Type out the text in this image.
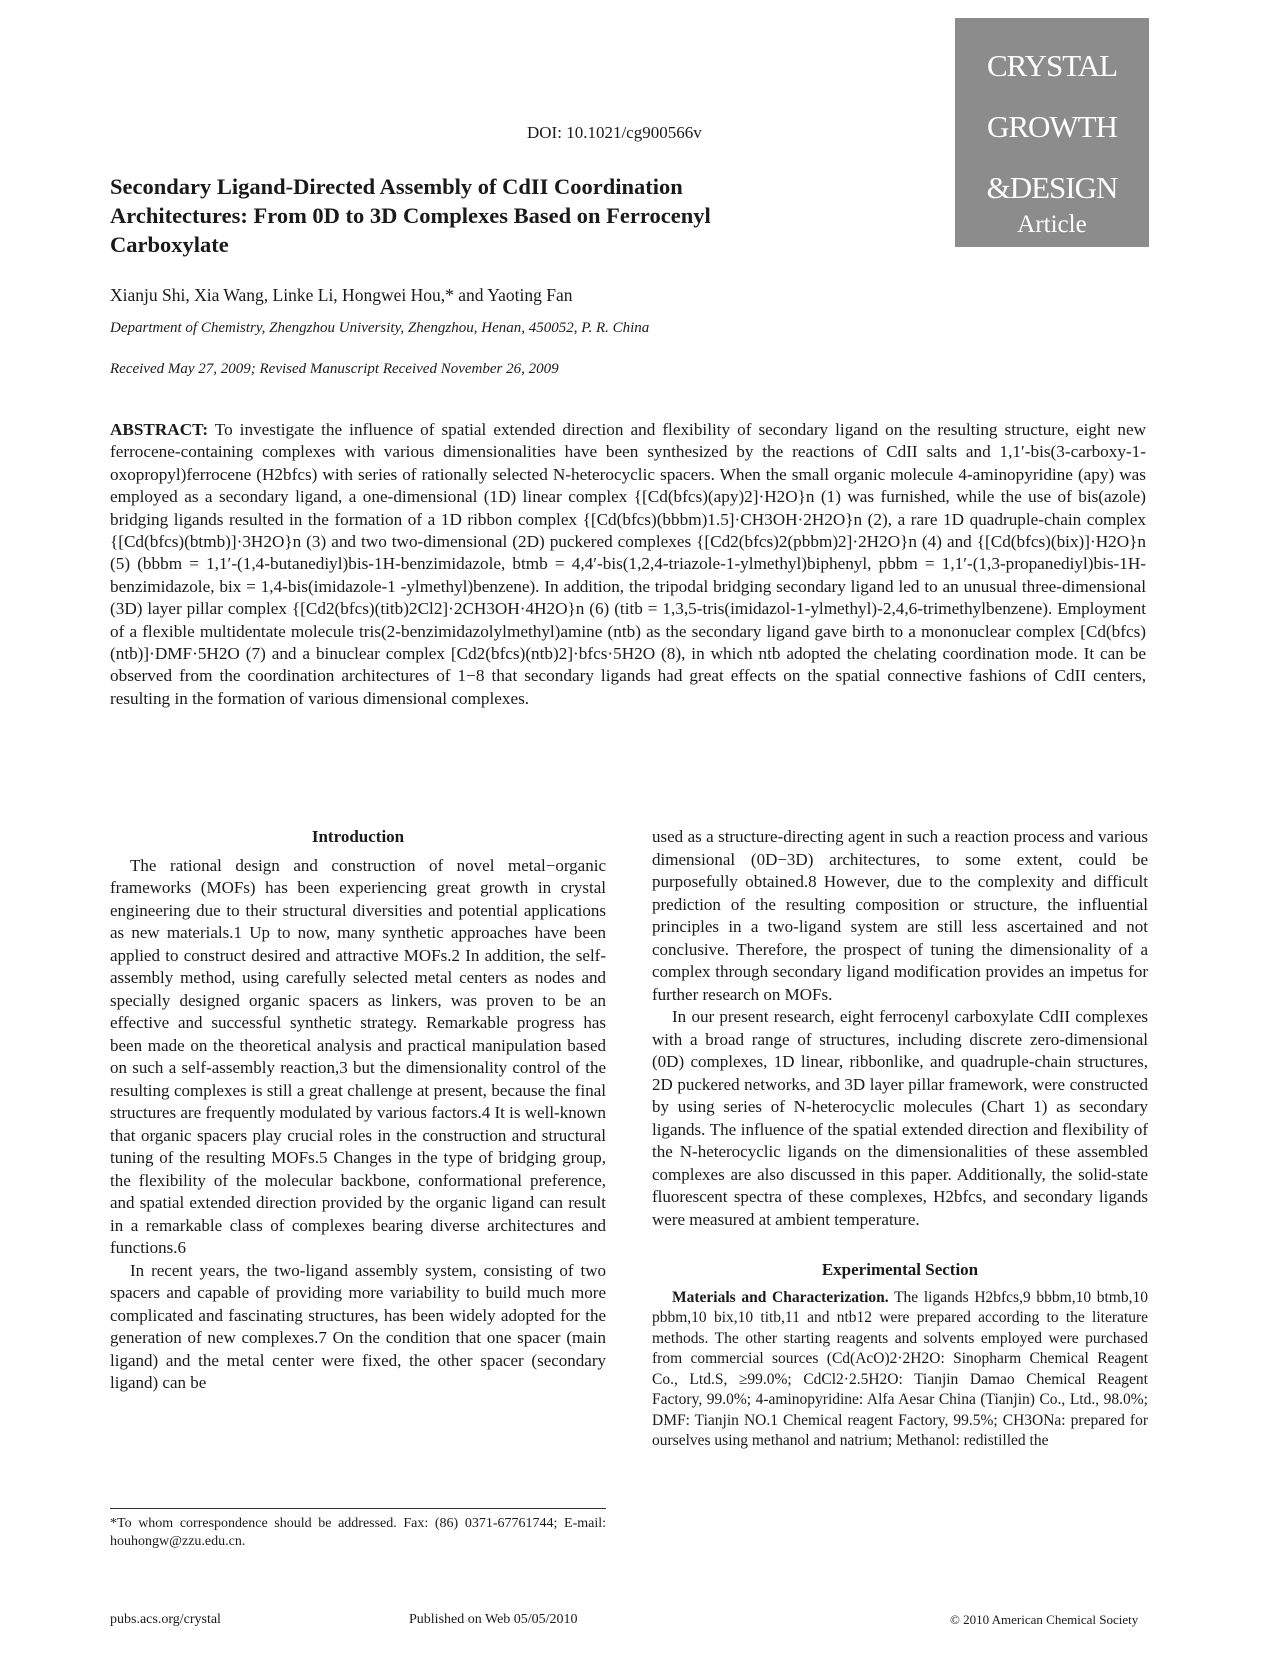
DOI: 10.1021/cg900566v
CRYSTAL
GROWTH
&DESIGN
Article
2010, Vol. 10
2490–2500
Secondary Ligand-Directed Assembly of CdII Coordination Architectures: From 0D to 3D Complexes Based on Ferrocenyl Carboxylate
Xianju Shi, Xia Wang, Linke Li, Hongwei Hou,* and Yaoting Fan
Department of Chemistry, Zhengzhou University, Zhengzhou, Henan, 450052, P. R. China
Received May 27, 2009; Revised Manuscript Received November 26, 2009
ABSTRACT: To investigate the influence of spatial extended direction and flexibility of secondary ligand on the resulting structure, eight new ferrocene-containing complexes with various dimensionalities have been synthesized by the reactions of CdII salts and 1,1′-bis(3-carboxy-1-oxopropyl)ferrocene (H2bfcs) with series of rationally selected N-heterocyclic spacers. When the small organic molecule 4-aminopyridine (apy) was employed as a secondary ligand, a one-dimensional (1D) linear complex {[Cd(bfcs)(apy)2]·H2O}n (1) was furnished, while the use of bis(azole) bridging ligands resulted in the formation of a 1D ribbon complex {[Cd(bfcs)(bbbm)1.5]·CH3OH·2H2O}n (2), a rare 1D quadruple-chain complex {[Cd(bfcs)(btmb)]·3H2O}n (3) and two two-dimensional (2D) puckered complexes {[Cd2(bfcs)2(pbbm)2]·2H2O}n (4) and {[Cd(bfcs)(bix)]·H2O}n (5) (bbbm = 1,1′-(1,4-butanediyl)bis-1H-benzimidazole, btmb = 4,4′-bis(1,2,4-triazole-1-ylmethyl)biphenyl, pbbm = 1,1′-(1,3-propanediyl)bis-1H-benzimidazole, bix = 1,4-bis(imidazole-1 -ylmethyl)benzene). In addition, the tripodal bridging secondary ligand led to an unusual three-dimensional (3D) layer pillar complex {[Cd2(bfcs)(titb)2Cl2]·2CH3OH·4H2O}n (6) (titb = 1,3,5-tris(imidazol-1-ylmethyl)-2,4,6-trimethylbenzene). Employment of a flexible multidentate molecule tris(2-benzimidazolylmethyl)amine (ntb) as the secondary ligand gave birth to a mononuclear complex [Cd(bfcs)(ntb)]·DMF·5H2O (7) and a binuclear complex [Cd2(bfcs)(ntb)2]·bfcs·5H2O (8), in which ntb adopted the chelating coordination mode. It can be observed from the coordination architectures of 1−8 that secondary ligands had great effects on the spatial connective fashions of CdII centers, resulting in the formation of various dimensional complexes.
Introduction

The rational design and construction of novel metal−organic frameworks (MOFs) has been experiencing great growth in crystal engineering due to their structural diversities and potential applications as new materials.1 Up to now, many synthetic approaches have been applied to construct desired and attractive MOFs.2 In addition, the self-assembly method, using carefully selected metal centers as nodes and specially designed organic spacers as linkers, was proven to be an effective and successful synthetic strategy. Remarkable progress has been made on the theoretical analysis and practical manipulation based on such a self-assembly reaction,3 but the dimensionality control of the resulting complexes is still a great challenge at present, because the final structures are frequently modulated by various factors.4 It is well-known that organic spacers play crucial roles in the construction and structural tuning of the resulting MOFs.5 Changes in the type of bridging group, the flexibility of the molecular backbone, conformational preference, and spatial extended direction provided by the organic ligand can result in a remarkable class of complexes bearing diverse architectures and functions.6

In recent years, the two-ligand assembly system, consisting of two spacers and capable of providing more variability to build much more complicated and fascinating structures, has been widely adopted for the generation of new complexes.7 On the condition that one spacer (main ligand) and the metal center were fixed, the other spacer (secondary ligand) can be

used as a structure-directing agent in such a reaction process and various dimensional (0D−3D) architectures, to some extent, could be purposefully obtained.8 However, due to the complexity and difficult prediction of the resulting composition or structure, the influential principles in a two-ligand system are still less ascertained and not conclusive. Therefore, the prospect of tuning the dimensionality of a complex through secondary ligand modification provides an impetus for further research on MOFs.

In our present research, eight ferrocenyl carboxylate CdII complexes with a broad range of structures, including discrete zero-dimensional (0D) complexes, 1D linear, ribbonlike, and quadruple-chain structures, 2D puckered networks, and 3D layer pillar framework, were constructed by using series of N-heterocyclic molecules (Chart 1) as secondary ligands. The influence of the spatial extended direction and flexibility of the N-heterocyclic ligands on the dimensionalities of these assembled complexes are also discussed in this paper. Additionally, the solid-state fluorescent spectra of these complexes, H2bfcs, and secondary ligands were measured at ambient temperature.

Experimental Section

Materials and Characterization. The ligands H2bfcs,9 bbbm,10 btmb,10 pbbm,10 bix,10 titb,11 and ntb12 were prepared according to the literature methods. The other starting reagents and solvents employed were purchased from commercial sources (Cd(AcO)2·2H2O: Sinopharm Chemical Reagent Co., Ltd.S, ≥99.0%; CdCl2·2.5H2O: Tianjin Damao Chemical Reagent Factory, 99.0%; 4-aminopyridine: Alfa Aesar China (Tianjin) Co., Ltd., 98.0%; DMF: Tianjin NO.1 Chemical reagent Factory, 99.5%; CH3ONa: prepared for ourselves using methanol and natrium; Methanol: redistilled the

*To whom correspondence should be addressed. Fax: (86) 0371-67761744; E-mail: houhongw@zzu.edu.cn.
pubs.acs.org/crystal	Published on Web 05/05/2010	© 2010 American Chemical Society
